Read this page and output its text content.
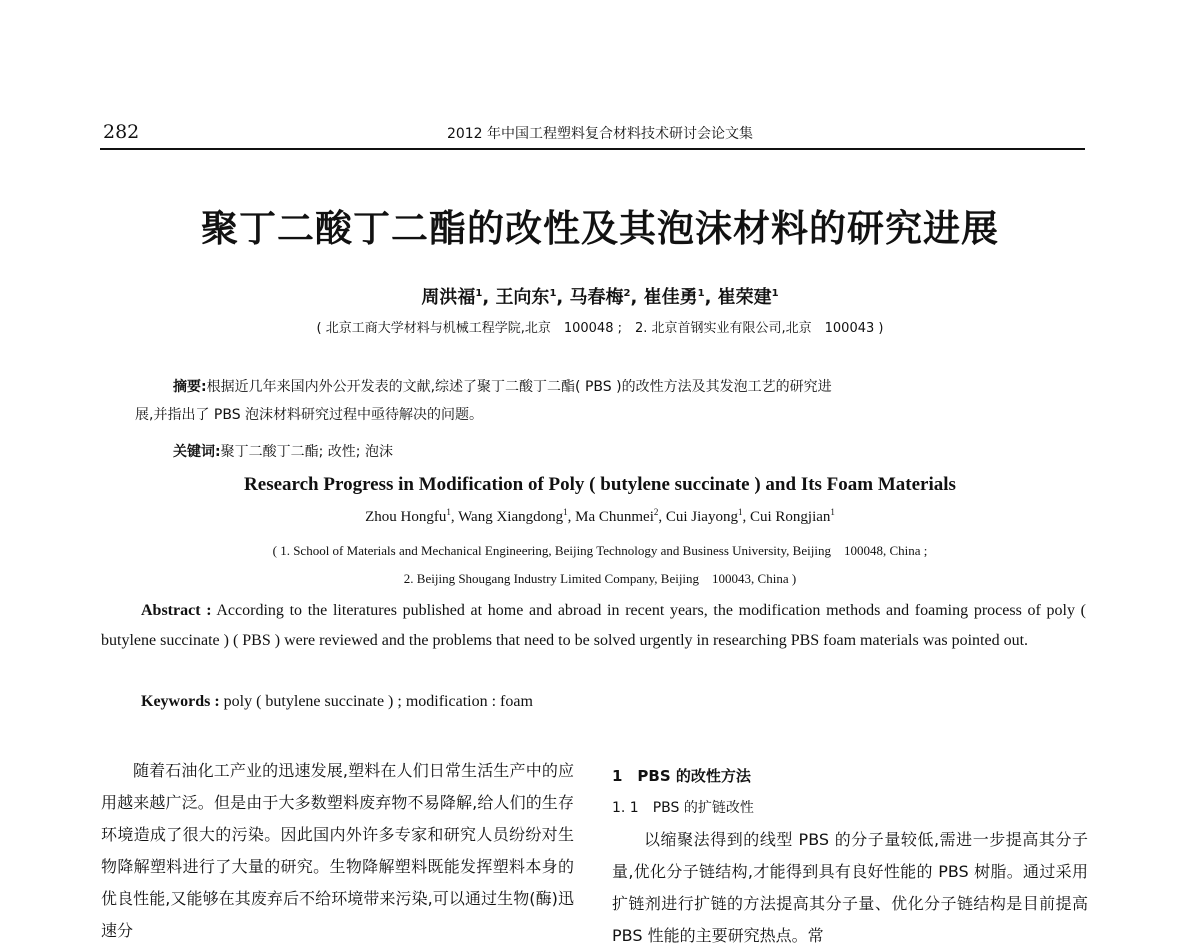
282	2012 年中国工程塑料复合材料技术研讨会论文集
聚丁二酸丁二酯的改性及其泡沫材料的研究进展
周洪福$^1$, 王向东$^1$, 马春梅$^2$, 崔佳勇$^1$, 崔荣建$^1$
( 北京工商大学材料与机械工程学院,北京　100048 ;　2. 北京首钢实业有限公司,北京　100043 )
摘要:根据近几年来国内外公开发表的文献,综述了聚丁二酸丁二酯( PBS )的改性方法及其发泡工艺的研究进
展,并指出了 PBS 泡沫材料研究过程中亟待解决的问题。
关键词:聚丁二酸丁二酯; 改性; 泡沫
Research Progress in Modification of Poly ( butylene succinate ) and Its Foam Materials
Zhou Hongfu$^1$, Wang Xiangdong$^1$, Ma Chunmei$^2$, Cui Jiayong$^1$, Cui Rongjian$^1$
( 1. School of Materials and Mechanical Engineering, Beijing Technology and Business University, Beijing　100048, China ;
2. Beijing Shougang Industry Limited Company, Beijing　100043, China )
Abstract : According to the literatures published at home and abroad in recent years, the modification methods and foaming process of poly ( butylene succinate ) ( PBS ) were reviewed and the problems that need to be solved urgently in researching PBS foam materials was pointed out.
Keywords : poly ( butylene succinate ) ; modification : foam

随着石油化工产业的迅速发展,塑料在人们日常生活生产中的应用越来越广泛。但是由于大多数塑料废弃物不易降解,给人们的生存环境造成了很大的污染。因此国内外许多专家和研究人员纷纷对生物降解塑料进行了大量的研究。生物降解塑料既能发挥塑料本身的优良性能,又能够在其废弃后不给环境带来污染,可以通过生物(酶)迅速分

1　PBS 的改性方法
1. 1　PBS 的扩链改性

以缩聚法得到的线型 PBS 的分子量较低,需进一步提高其分子量,优化分子链结构,才能得到具有良好性能的 PBS 树脂。通过采用扩链剂进行扩链的方法提高其分子量、优化分子链结构是目前提高 PBS 性能的主要研究热点。常
